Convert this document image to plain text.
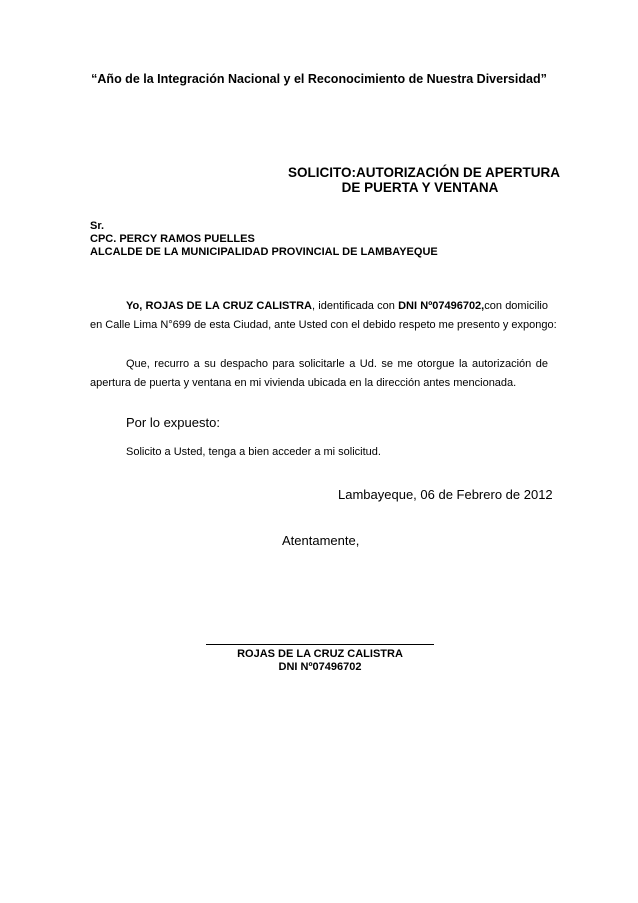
“Año de la Integración Nacional y el Reconocimiento de Nuestra Diversidad”
SOLICITO:AUTORIZACIÓN DE APERTURA
DE PUERTA Y VENTANA
Sr.
CPC. PERCY RAMOS PUELLES
ALCALDE DE LA MUNICIPALIDAD PROVINCIAL DE LAMBAYEQUE
Yo, ROJAS DE LA CRUZ CALISTRA, identificada con DNI Nº07496702,con domicilio
en Calle Lima N°699 de esta Ciudad, ante Usted con el debido respeto me presento y expongo:
Que, recurro a su despacho para solicitarle a Ud. se me otorgue la autorización de
apertura de puerta y ventana en mi vivienda ubicada en la dirección antes mencionada.
Por lo expuesto:
Solicito a Usted, tenga a bien acceder a mi solicitud.
Lambayeque, 06 de Febrero de 2012
Atentamente,
ROJAS DE LA CRUZ CALISTRA
DNI Nº07496702
